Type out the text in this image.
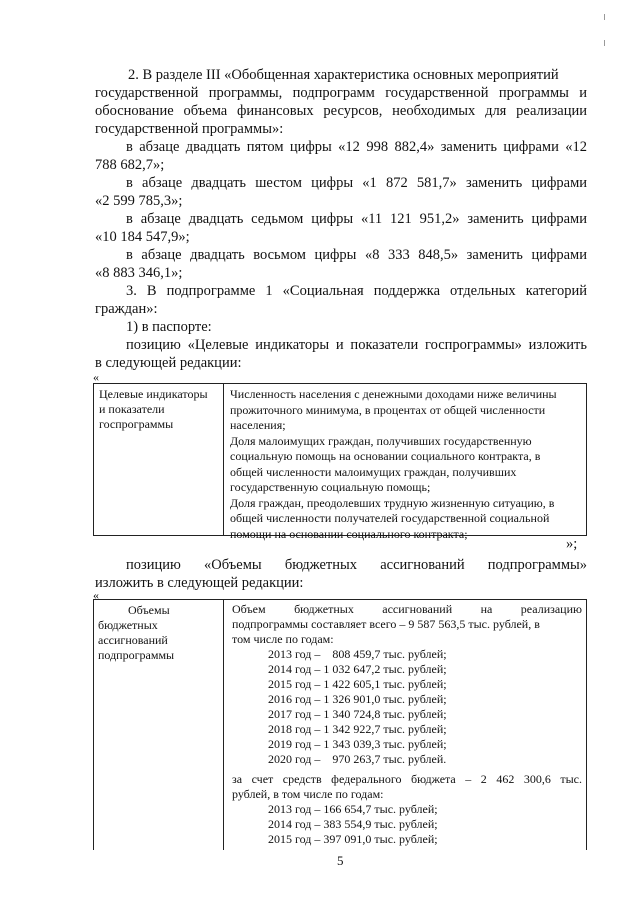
2. В разделе III «Обобщенная характеристика основных мероприятий
государственной программы, подпрограмм государственной программы и
обоснование объема финансовых ресурсов, необходимых для реализации
государственной программы»:
в абзаце двадцать пятом цифры «12 998 882,4» заменить цифрами «12
788 682,7»;
в абзаце двадцать шестом цифры «1 872 581,7» заменить цифрами
«2 599 785,3»;
в абзаце двадцать седьмом цифры «11 121 951,2» заменить цифрами
«10 184 547,9»;
в абзаце двадцать восьмом цифры «8 333 848,5» заменить цифрами
«8 883 346,1»;
3. В подпрограмме 1 «Социальная поддержка отдельных категорий
граждан»:
1) в паспорте:
позицию «Целевые индикаторы и показатели госпрограммы» изложить
в следующей редакции:
«
Целевые индикаторы
и показатели
госпрограммы
Численность населения с денежными доходами ниже величины
прожиточного минимума, в процентах от общей численности
населения;
Доля малоимущих граждан, получивших государственную
социальную помощь на основании социального контракта, в
общей численности малоимущих граждан, получивших
государственную социальную помощь;
Доля граждан, преодолевших трудную жизненную ситуацию, в
общей численности получателей государственной социальной
помощи на основании социального контракта;
»;
позицию «Объемы бюджетных ассигнований подпрограммы»
изложить в следующей редакции:
«
Объемы
бюджетных
ассигнований
подпрограммы
Объем бюджетных ассигнований на реализацию
подпрограммы составляет всего – 9 587 563,5 тыс. рублей, в
том числе по годам:
2013 год –    808 459,7 тыс. рублей;
2014 год – 1 032 647,2 тыс. рублей;
2015 год – 1 422 605,1 тыс. рублей;
2016 год – 1 326 901,0 тыс. рублей;
2017 год – 1 340 724,8 тыс. рублей;
2018 год – 1 342 922,7 тыс. рублей;
2019 год – 1 343 039,3 тыс. рублей;
2020 год –    970 263,7 тыс. рублей.
за счет средств федерального бюджета – 2 462 300,6 тыс.
рублей, в том числе по годам:
2013 год – 166 654,7 тыс. рублей;
2014 год – 383 554,9 тыс. рублей;
2015 год – 397 091,0 тыс. рублей;
5
